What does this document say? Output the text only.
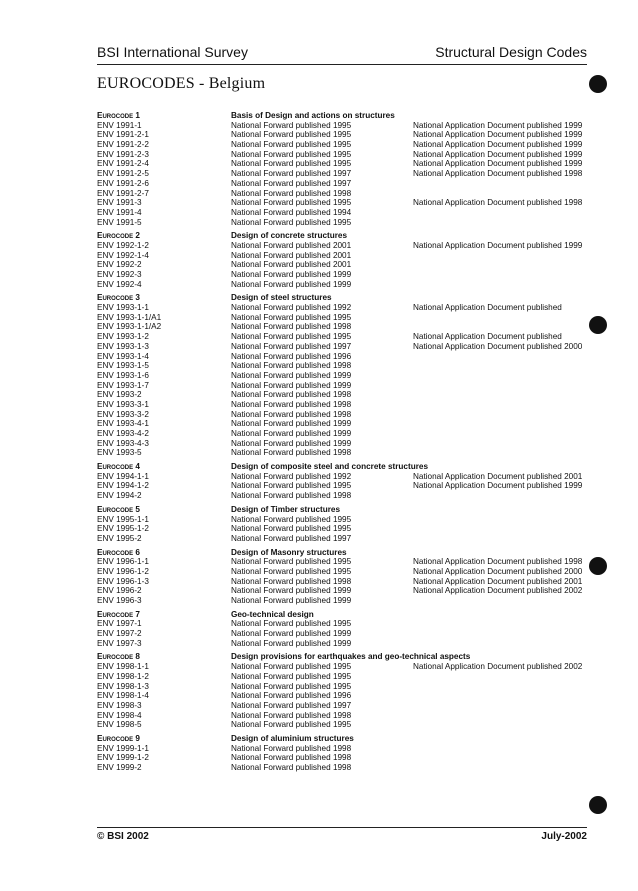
BSI International Survey	Structural Design Codes
EUROCODES - Belgium
Eurocode 1	Basis of Design and actions on structures
ENV 1991-1	National Forward published 1995	National Application Document published 1999
ENV 1991-2-1	National Forward published 1995	National Application Document published 1999
ENV 1991-2-2	National Forward published 1995	National Application Document published 1999
ENV 1991-2-3	National Forward published 1995	National Application Document published 1999
ENV 1991-2-4	National Forward published 1995	National Application Document published 1999
ENV 1991-2-5	National Forward published 1997	National Application Document published 1998
ENV 1991-2-6	National Forward published 1997
ENV 1991-2-7	National Forward published 1998
ENV 1991-3	National Forward published 1995	National Application Document published 1998
ENV 1991-4	National Forward published 1994
ENV 1991-5	National Forward published 1995
Eurocode 2	Design of concrete structures
ENV 1992-1-2	National Forward published 2001	National Application Document published 1999
ENV 1992-1-4	National Forward published 2001
ENV 1992-2	National Forward published 2001
ENV 1992-3	National Forward published 1999
ENV 1992-4	National Forward published 1999
Eurocode 3	Design of steel structures
ENV 1993-1-1	National Forward published 1992	National Application Document published
ENV 1993-1-1/A1	National Forward published 1995
ENV 1993-1-1/A2	National Forward published 1998
ENV 1993-1-2	National Forward published 1995	National Application Document published
ENV 1993-1-3	National Forward published 1997	National Application Document published 2000
ENV 1993-1-4	National Forward published 1996
ENV 1993-1-5	National Forward published 1998
ENV 1993-1-6	National Forward published 1999
ENV 1993-1-7	National Forward published 1999
ENV 1993-2	National Forward published 1998
ENV 1993-3-1	National Forward published 1998
ENV 1993-3-2	National Forward published 1998
ENV 1993-4-1	National Forward published 1999
ENV 1993-4-2	National Forward published 1999
ENV 1993-4-3	National Forward published 1999
ENV 1993-5	National Forward published 1998
Eurocode 4	Design of composite steel and concrete structures
ENV 1994-1-1	National Forward published 1992	National Application Document published 2001
ENV 1994-1-2	National Forward published 1995	National Application Document published 1999
ENV 1994-2	National Forward published 1998
Eurocode 5	Design of Timber structures
ENV 1995-1-1	National Forward published 1995
ENV 1995-1-2	National Forward published 1995
ENV 1995-2	National Forward published 1997
Eurocode 6	Design of Masonry structures
ENV 1996-1-1	National Forward published 1995	National Application Document published 1998
ENV 1996-1-2	National Forward published 1995	National Application Document published 2000
ENV 1996-1-3	National Forward published 1998	National Application Document published 2001
ENV 1996-2	National Forward published 1999	National Application Document published 2002
ENV 1996-3	National Forward published 1999
Eurocode 7	Geo-technical design
ENV 1997-1	National Forward published 1995
ENV 1997-2	National Forward published 1999
ENV 1997-3	National Forward published 1999
Eurocode 8	Design provisions for earthquakes and geo-technical aspects
ENV 1998-1-1	National Forward published 1995	National Application Document published 2002
ENV 1998-1-2	National Forward published 1995
ENV 1998-1-3	National Forward published 1995
ENV 1998-1-4	National Forward published 1996
ENV 1998-3	National Forward published 1997
ENV 1998-4	National Forward published 1998
ENV 1998-5	National Forward published 1995
Eurocode 9	Design of aluminium structures
ENV 1999-1-1	National Forward published 1998
ENV 1999-1-2	National Forward published 1998
ENV 1999-2	National Forward published 1998
© BSI 2002	July-2002
